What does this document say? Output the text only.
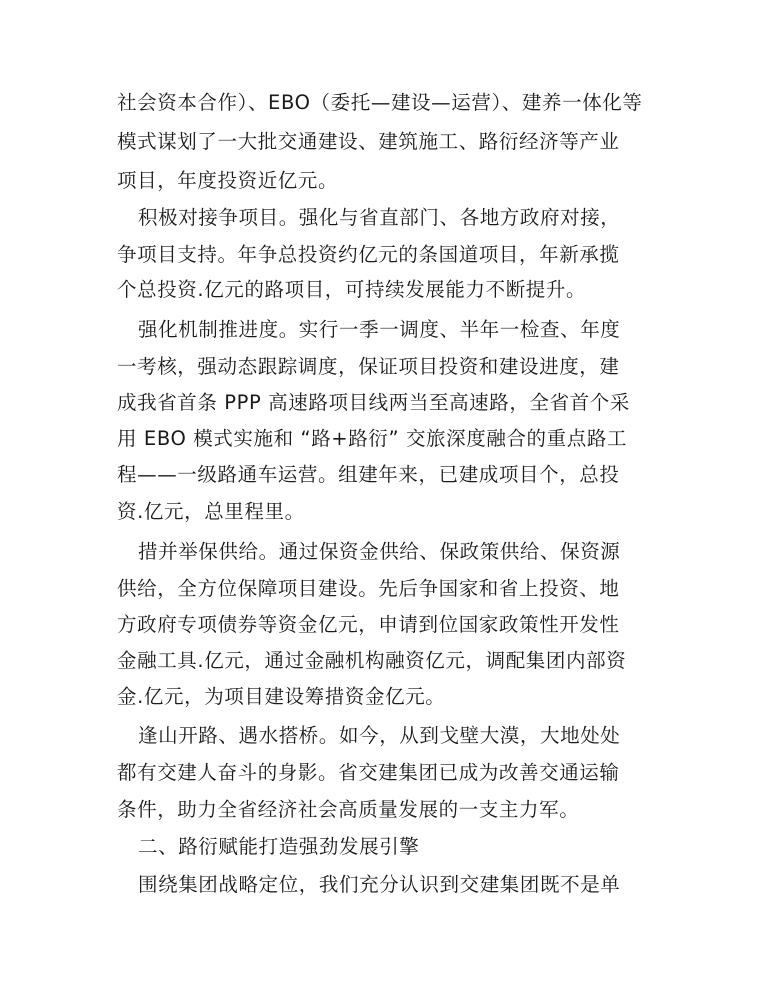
社会资本合作）、EBO（委托—建设—运营）、建养一体化等
模式谋划了一大批交通建设、建筑施工、路衍经济等产业
项目，年度投资近亿元。
积极对接争项目。强化与省直部门、各地方政府对接，
争项目支持。年争总投资约亿元的条国道项目，年新承揽
个总投资.亿元的路项目，可持续发展能力不断提升。
强化机制推进度。实行一季一调度、半年一检查、年度
一考核，强动态跟踪调度，保证项目投资和建设进度，建
成我省首条 PPP 高速路项目线两当至高速路，全省首个采
用 EBO 模式实施和 “路+路衍” 交旅深度融合的重点路工
程——一级路通车运营。组建年来，已建成项目个，总投
资.亿元，总里程里。
措并举保供给。通过保资金供给、保政策供给、保资源
供给，全方位保障项目建设。先后争国家和省上投资、地
方政府专项债券等资金亿元，申请到位国家政策性开发性
金融工具.亿元，通过金融机构融资亿元，调配集团内部资
金.亿元，为项目建设筹措资金亿元。
逢山开路、遇水搭桥。如今，从到戈壁大漠，大地处处
都有交建人奋斗的身影。省交建集团已成为改善交通运输
条件，助力全省经济社会高质量发展的一支主力军。
二、路衍赋能打造强劲发展引擎
围绕集团战略定位，我们充分认识到交建集团既不是单
